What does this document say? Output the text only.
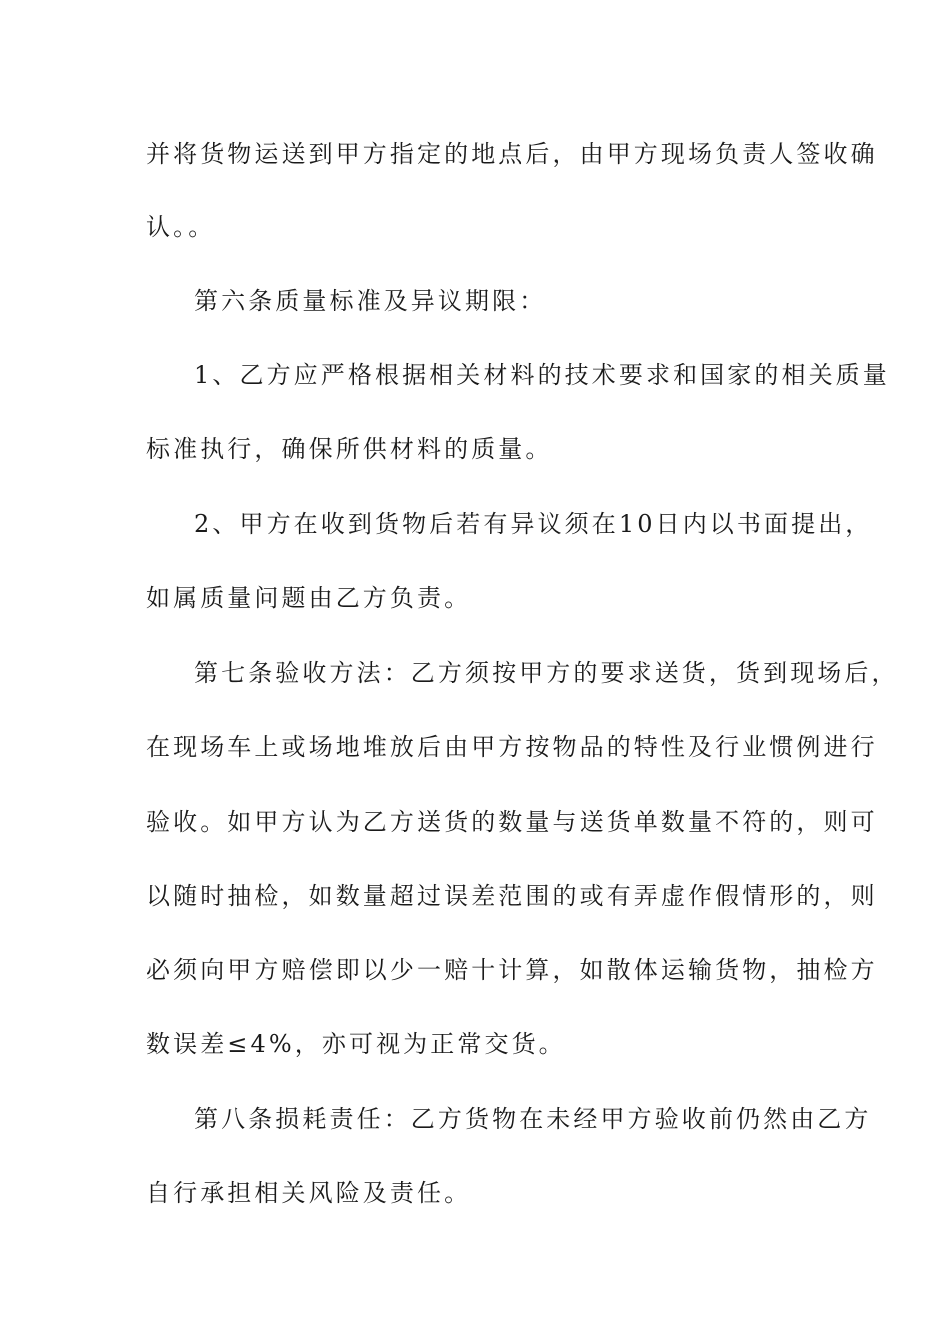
并将货物运送到甲方指定的地点后，由甲方现场负责人签收确
认。。
第六条质量标准及异议期限：
1、乙方应严格根据相关材料的技术要求和国家的相关质量
标准执行，确保所供材料的质量。
2、甲方在收到货物后若有异议须在10日内以书面提出，
如属质量问题由乙方负责。
第七条验收方法：乙方须按甲方的要求送货，货到现场后，
在现场车上或场地堆放后由甲方按物品的特性及行业惯例进行
验收。如甲方认为乙方送货的数量与送货单数量不符的，则可
以随时抽检，如数量超过误差范围的或有弄虚作假情形的，则
必须向甲方赔偿即以少一赔十计算，如散体运输货物，抽检方
数误差≤4%，亦可视为正常交货。
第八条损耗责任：乙方货物在未经甲方验收前仍然由乙方
自行承担相关风险及责任。
